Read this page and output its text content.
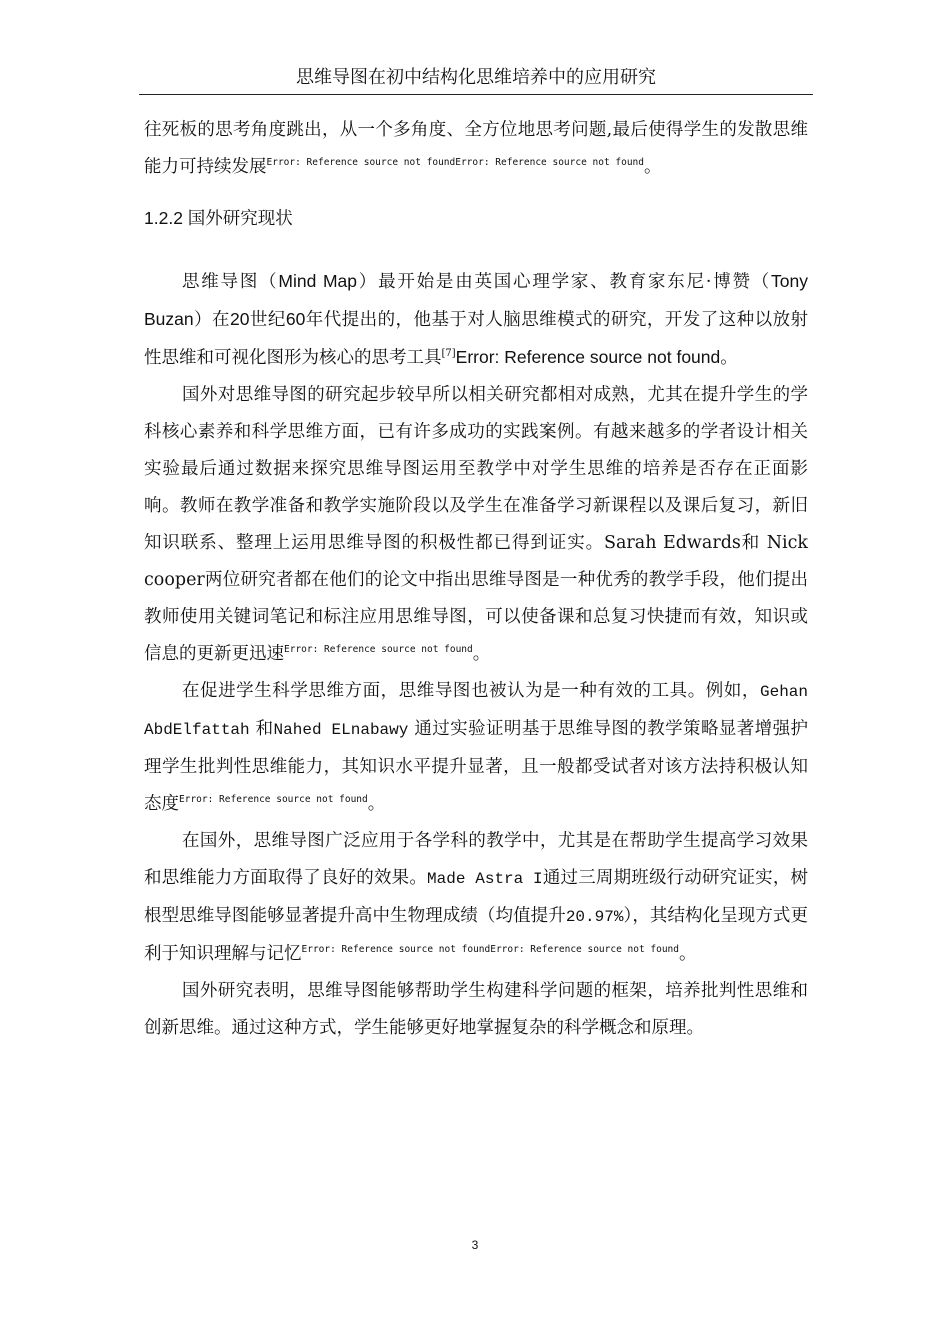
思维导图在初中结构化思维培养中的应用研究

往死板的思考角度跳出，从一个多角度、全方位地思考问题,最后使得学生的发散思维能力可持续发展$^{Error: Reference source not foundError: Reference source not found}$。

1.2.2 国外研究现状

思维导图（Mind Map）最开始是由英国心理学家、教育家东尼·博赞（Tony Buzan）在20世纪60年代提出的，他基于对人脑思维模式的研究，开发了这种以放射性思维和可视化图形为核心的思考工具[7]Error: Reference source not found。

国外对思维导图的研究起步较早所以相关研究都相对成熟，尤其在提升学生的学科核心素养和科学思维方面，已有许多成功的实践案例。有越来越多的学者设计相关实验最后通过数据来探究思维导图运用至教学中对学生思维的培养是否存在正面影响。教师在教学准备和教学实施阶段以及学生在准备学习新课程以及课后复习，新旧知识联系、整理上运用思维导图的积极性都已得到证实。Sarah Edwards和 Nick cooper两位研究者都在他们的论文中指出思维导图是一种优秀的教学手段，他们提出教师使用关键词笔记和标注应用思维导图，可以使备课和总复习快捷而有效，知识或信息的更新更迅速$^{Error: Reference source not found}$。

在促进学生科学思维方面，思维导图也被认为是一种有效的工具。例如，Gehan AbdElfattah 和Nahed ELnabawy 通过实验证明基于思维导图的教学策略显著增强护理学生批判性思维能力，其知识水平提升显著，且一般都受试者对该方法持积极认知态度$^{Error: Reference source not found}$。

在国外，思维导图广泛应用于各学科的教学中，尤其是在帮助学生提高学习效果和思维能力方面取得了良好的效果。Made Astra I通过三周期班级行动研究证实，树根型思维导图能够显著提升高中生物理成绩（均值提升20.97%），其结构化呈现方式更利于知识理解与记忆$^{Error: Reference source not foundError: Reference source not found}$。

国外研究表明，思维导图能够帮助学生构建科学问题的框架，培养批判性思维和创新思维。通过这种方式，学生能够更好地掌握复杂的科学概念和原理。

3
